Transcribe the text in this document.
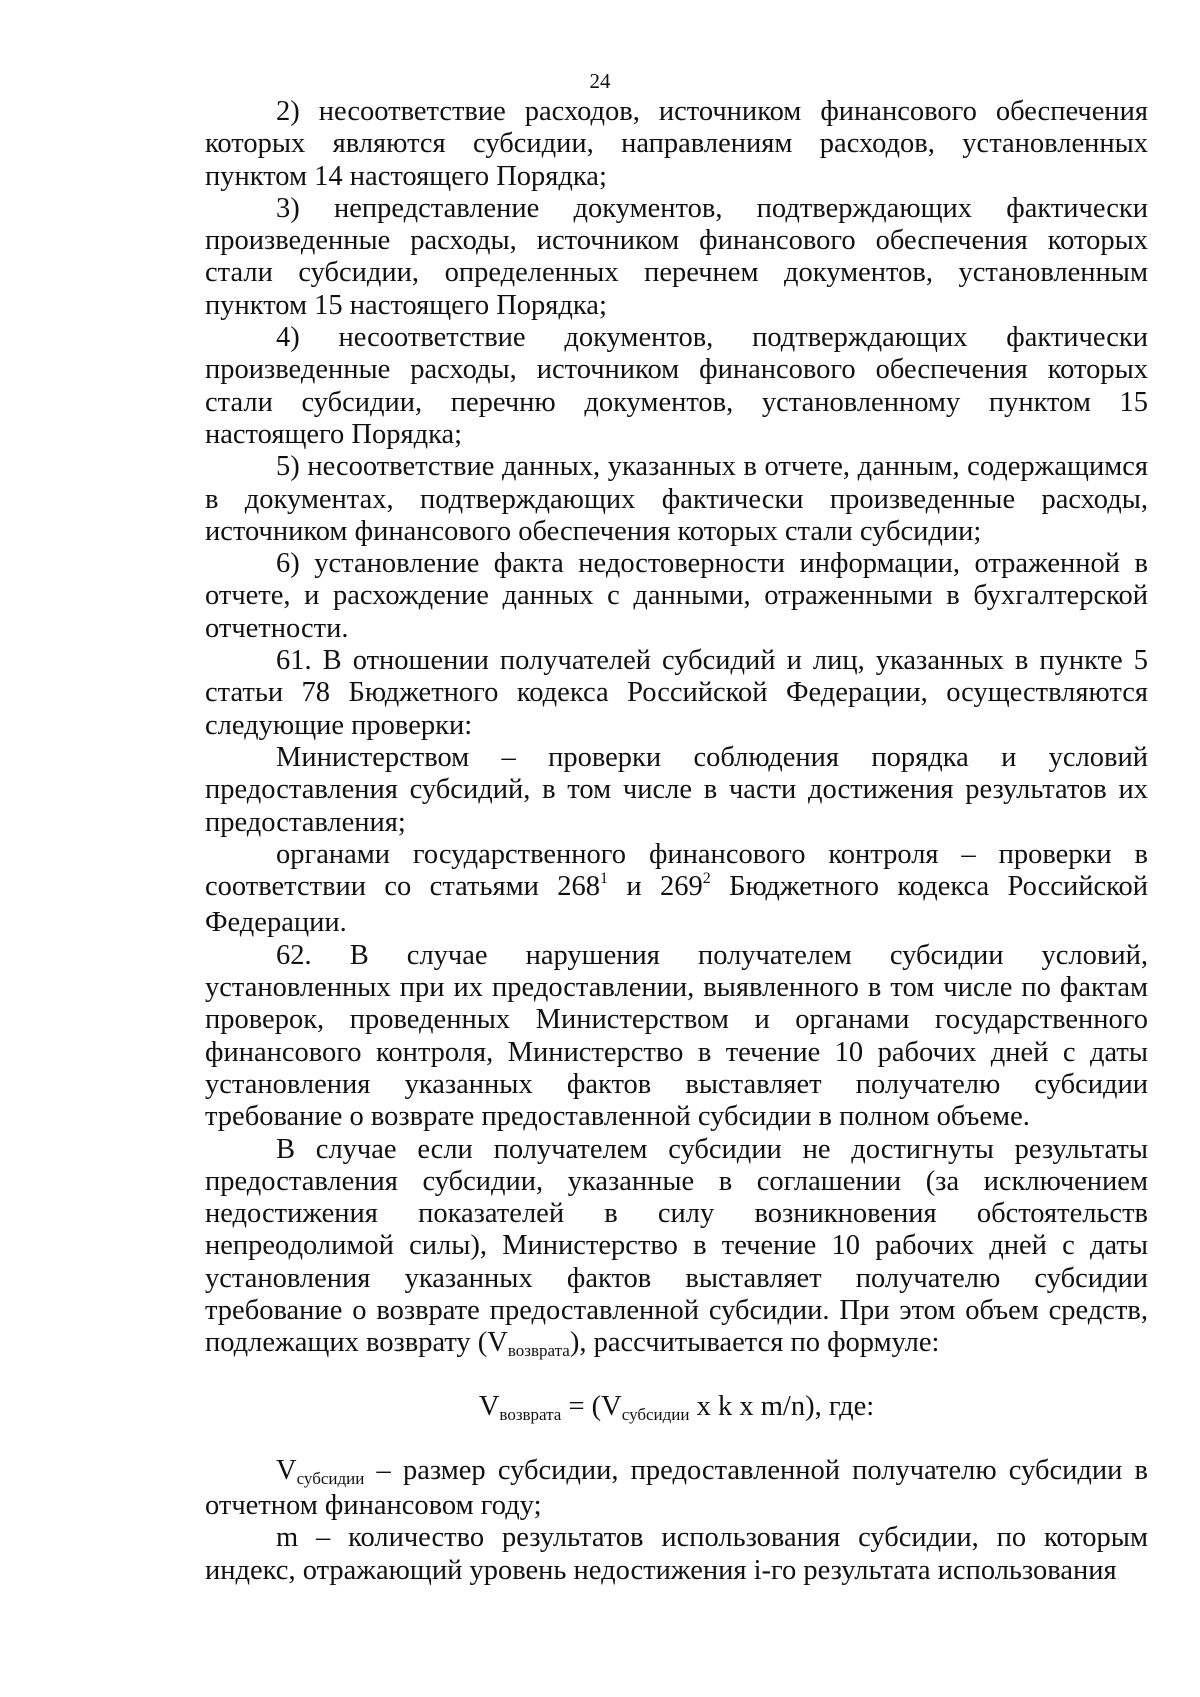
24

2) несоответствие расходов, источником финансового обеспечения которых являются субсидии, направлениям расходов, установленных пунктом 14 настоящего Порядка;

3) непредставление документов, подтверждающих фактически произведенные расходы, источником финансового обеспечения которых стали субсидии, определенных перечнем документов, установленным пунктом 15 настоящего Порядка;

4) несоответствие документов, подтверждающих фактически произведенные расходы, источником финансового обеспечения которых стали субсидии, перечню документов, установленному пунктом 15 настоящего Порядка;

5) несоответствие данных, указанных в отчете, данным, содержащимся в документах, подтверждающих фактически произведенные расходы, источником финансового обеспечения которых стали субсидии;

6) установление факта недостоверности информации, отраженной в отчете, и расхождение данных с данными, отраженными в бухгалтерской отчетности.

61. В отношении получателей субсидий и лиц, указанных в пункте 5 статьи 78 Бюджетного кодекса Российской Федерации, осуществляются следующие проверки:

Министерством – проверки соблюдения порядка и условий предоставления субсидий, в том числе в части достижения результатов их предоставления;

органами государственного финансового контроля – проверки в соответствии со статьями $268^1$ и $269^2$ Бюджетного кодекса Российской Федерации.

62. В случае нарушения получателем субсидии условий, установленных при их предоставлении, выявленного в том числе по фактам проверок, проведенных Министерством и органами государственного финансового контроля, Министерство в течение 10 рабочих дней с даты установления указанных фактов выставляет получателю субсидии требование о возврате предоставленной субсидии в полном объеме.

В случае если получателем субсидии не достигнуты результаты предоставления субсидии, указанные в соглашении (за исключением недостижения показателей в силу возникновения обстоятельств непреодолимой силы), Министерство в течение 10 рабочих дней с даты установления указанных фактов выставляет получателю субсидии требование о возврате предоставленной субсидии. При этом объем средств, подлежащих возврату (Vвозврата), рассчитывается по формуле:

Vвозврата = (Vсубсидии x k x m/n), где:

Vсубсидии – размер субсидии, предоставленной получателю субсидии в отчетном финансовом году;

m – количество результатов использования субсидии, по которым индекс, отражающий уровень недостижения i-го результата использования
